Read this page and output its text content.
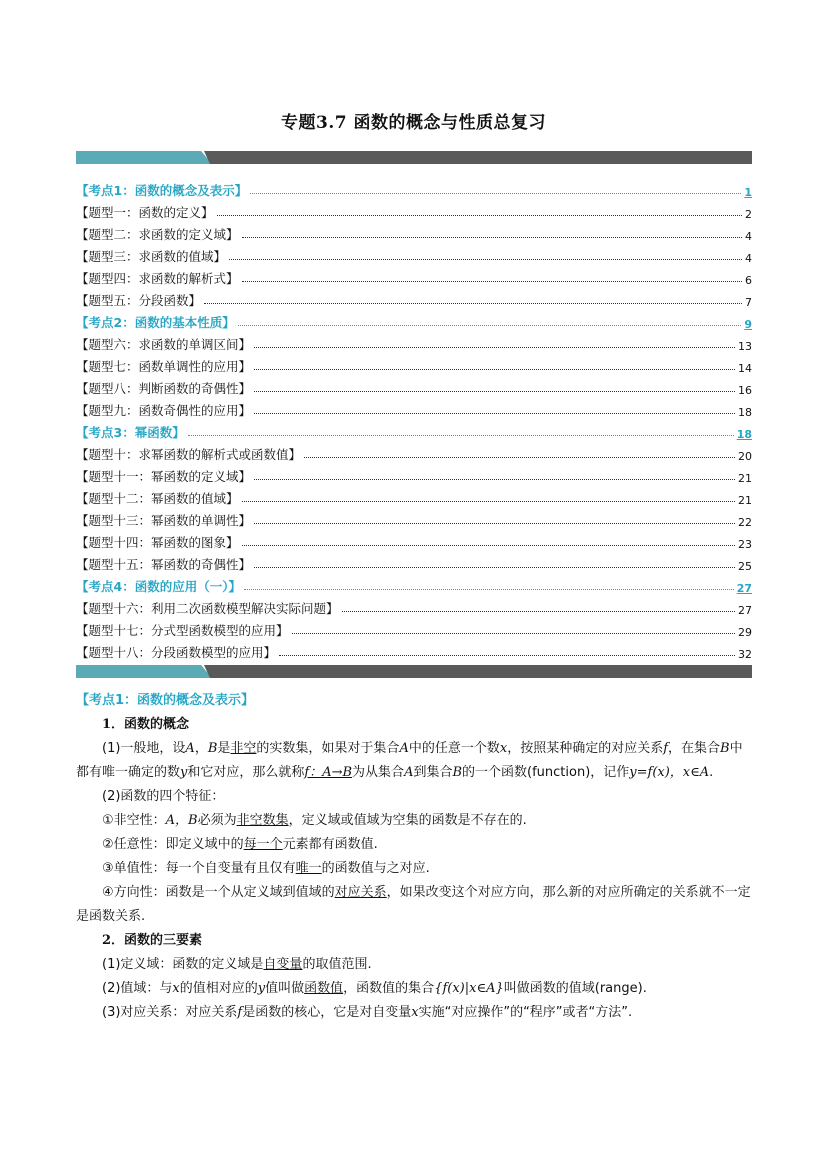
专题3.7 函数的概念与性质总复习
【考点1：函数的概念及表示】	1
【题型一：函数的定义】	2
【题型二：求函数的定义域】	4
【题型三：求函数的值域】	4
【题型四：求函数的解析式】	6
【题型五：分段函数】	7
【考点2：函数的基本性质】	9
【题型六：求函数的单调区间】	13
【题型七：函数单调性的应用】	14
【题型八：判断函数的奇偶性】	16
【题型九：函数奇偶性的应用】	18
【考点3：幂函数】	18
【题型十：求幂函数的解析式或函数值】	20
【题型十一：幂函数的定义域】	21
【题型十二：幂函数的值域】	21
【题型十三：幂函数的单调性】	22
【题型十四：幂函数的图象】	23
【题型十五：幂函数的奇偶性】	25
【考点4：函数的应用（一）】	27
【题型十六：利用二次函数模型解决实际问题】	27
【题型十七：分式型函数模型的应用】	29
【题型十八：分段函数模型的应用】	32
【考点1：函数的概念及表示】
1．函数的概念
(1)一般地，设A，B是非空的实数集，如果对于集合A中的任意一个数x，按照某种确定的对应关系f，在集合B中都有唯一确定的数y和它对应，那么就称f：A→B为从集合A到集合B的一个函数(function)，记作y=f(x)，x∈A.
(2)函数的四个特征：
①非空性：A，B必须为非空数集，定义域或值域为空集的函数是不存在的.
②任意性：即定义域中的每一个元素都有函数值.
③单值性：每一个自变量有且仅有唯一的函数值与之对应.
④方向性：函数是一个从定义域到值域的对应关系，如果改变这个对应方向，那么新的对应所确定的关系就不一定是函数关系.
2．函数的三要素
(1)定义域：函数的定义域是自变量的取值范围.
(2)值域：与x的值相对应的y值叫做函数值，函数值的集合{f(x)|x∈A}叫做函数的值域(range).
(3)对应关系：对应关系f是函数的核心，它是对自变量x实施“对应操作”的“程序”或者“方法”.
